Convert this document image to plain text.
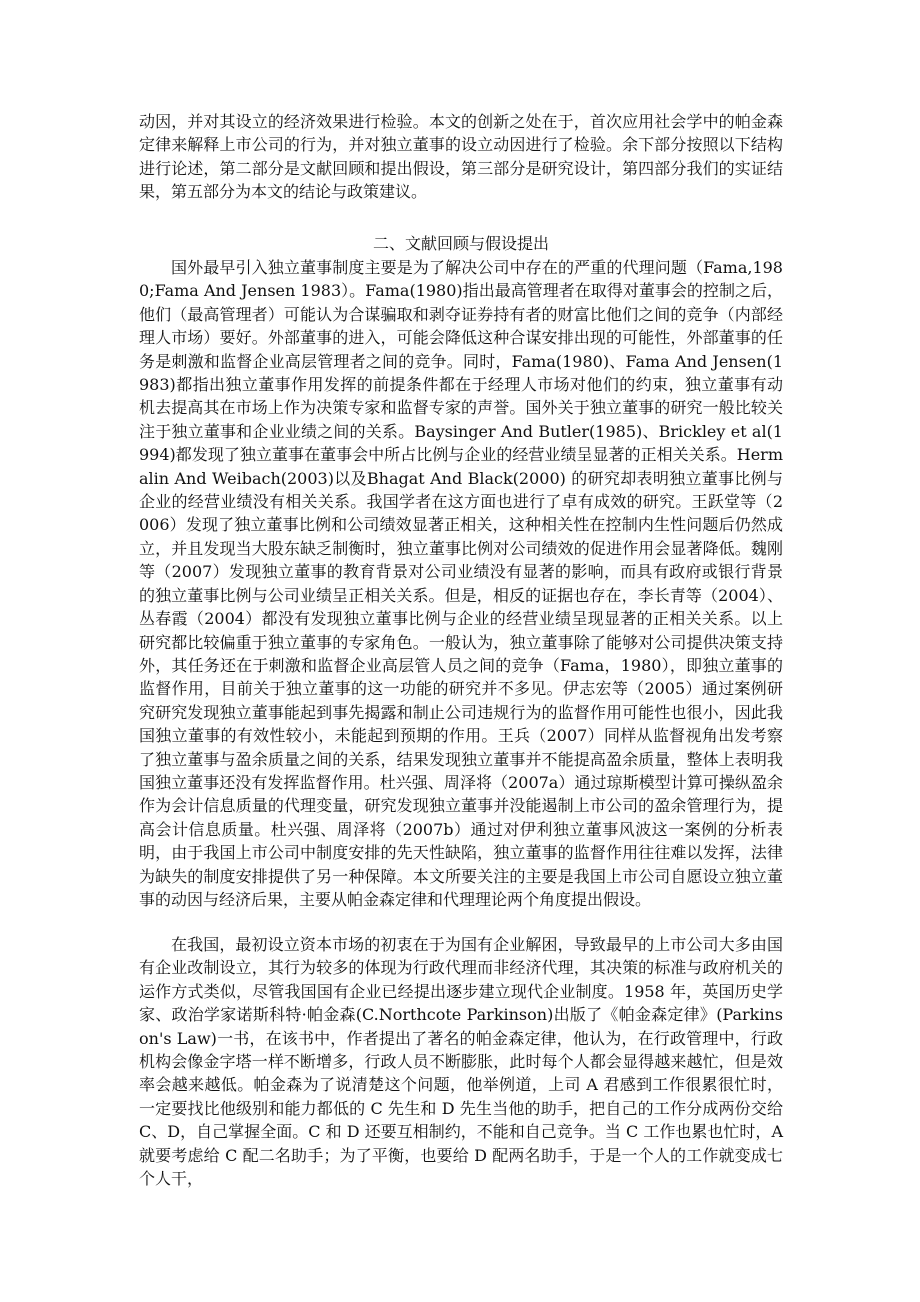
动因，并对其设立的经济效果进行检验。本文的创新之处在于，首次应用社会学中的帕金森定律来解释上市公司的行为，并对独立董事的设立动因进行了检验。余下部分按照以下结构进行论述，第二部分是文献回顾和提出假设，第三部分是研究设计，第四部分我们的实证结果，第五部分为本文的结论与政策建议。

二、文献回顾与假设提出

国外最早引入独立董事制度主要是为了解决公司中存在的严重的代理问题（Fama,1980;Fama And Jensen 1983）。Fama(1980)指出最高管理者在取得对董事会的控制之后，他们（最高管理者）可能认为合谋骗取和剥夺证券持有者的财富比他们之间的竞争（内部经理人市场）要好。外部董事的进入，可能会降低这种合谋安排出现的可能性，外部董事的任务是刺激和监督企业高层管理者之间的竞争。同时，Fama(1980)、Fama And Jensen(1983)都指出独立董事作用发挥的前提条件都在于经理人市场对他们的约束，独立董事有动机去提高其在市场上作为决策专家和监督专家的声誉。国外关于独立董事的研究一般比较关注于独立董事和企业业绩之间的关系。Baysinger And Butler(1985)、Brickley et al(1994)都发现了独立董事在董事会中所占比例与企业的经营业绩呈显著的正相关关系。Hermalin And Weibach(2003)以及Bhagat And Black(2000) 的研究却表明独立董事比例与企业的经营业绩没有相关关系。我国学者在这方面也进行了卓有成效的研究。王跃堂等（2006）发现了独立董事比例和公司绩效显著正相关，这种相关性在控制内生性问题后仍然成立，并且发现当大股东缺乏制衡时，独立董事比例对公司绩效的促进作用会显著降低。魏刚等（2007）发现独立董事的教育背景对公司业绩没有显著的影响，而具有政府或银行背景的独立董事比例与公司业绩呈正相关关系。但是，相反的证据也存在，李长青等（2004）、丛春霞（2004）都没有发现独立董事比例与企业的经营业绩呈现显著的正相关关系。以上研究都比较偏重于独立董事的专家角色。一般认为，独立董事除了能够对公司提供决策支持外，其任务还在于刺激和监督企业高层管人员之间的竞争（Fama，1980），即独立董事的监督作用，目前关于独立董事的这一功能的研究并不多见。伊志宏等（2005）通过案例研究研究发现独立董事能起到事先揭露和制止公司违规行为的监督作用可能性也很小，因此我国独立董事的有效性较小，未能起到预期的作用。王兵（2007）同样从监督视角出发考察了独立董事与盈余质量之间的关系，结果发现独立董事并不能提高盈余质量，整体上表明我国独立董事还没有发挥监督作用。杜兴强、周泽将（2007a）通过琼斯模型计算可操纵盈余作为会计信息质量的代理变量，研究发现独立董事并没能遏制上市公司的盈余管理行为，提高会计信息质量。杜兴强、周泽将（2007b）通过对伊利独立董事风波这一案例的分析表明，由于我国上市公司中制度安排的先天性缺陷，独立董事的监督作用往往难以发挥，法律为缺失的制度安排提供了另一种保障。本文所要关注的主要是我国上市公司自愿设立独立董事的动因与经济后果，主要从帕金森定律和代理理论两个角度提出假设。

在我国，最初设立资本市场的初衷在于为国有企业解困，导致最早的上市公司大多由国有企业改制设立，其行为较多的体现为行政代理而非经济代理，其决策的标准与政府机关的运作方式类似，尽管我国国有企业已经提出逐步建立现代企业制度。1958 年，英国历史学家、政治学家诺斯科特·帕金森(C.Northcote Parkinson)出版了《帕金森定律》(Parkinson's Law)一书，在该书中，作者提出了著名的帕金森定律，他认为，在行政管理中，行政机构会像金字塔一样不断增多，行政人员不断膨胀，此时每个人都会显得越来越忙，但是效率会越来越低。帕金森为了说清楚这个问题，他举例道，上司 A 君感到工作很累很忙时，一定要找比他级别和能力都低的 C 先生和 D 先生当他的助手，把自己的工作分成两份交给 C、D，自己掌握全面。C 和 D 还要互相制约，不能和自己竞争。当 C 工作也累也忙时，A 就要考虑给 C 配二名助手；为了平衡，也要给 D 配两名助手，于是一个人的工作就变成七个人干，
